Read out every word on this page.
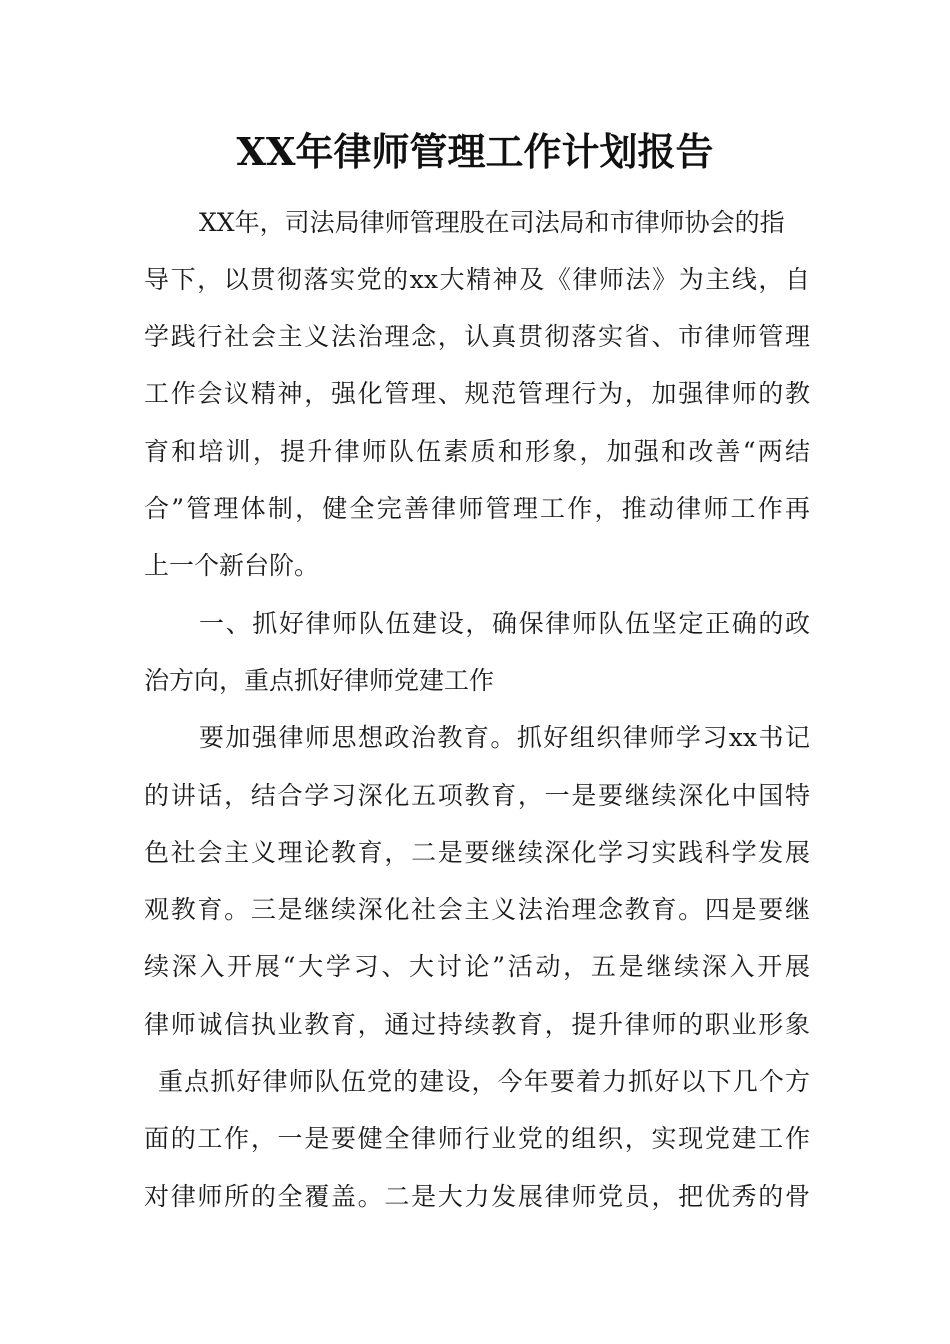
XX年律师管理工作计划报告

XX年，司法局律师管理股在司法局和市律师协会的指

导下，以贯彻落实党的xx大精神及《律师法》为主线，自

学践行社会主义法治理念，认真贯彻落实省、市律师管理

工作会议精神，强化管理、规范管理行为，加强律师的教

育和培训，提升律师队伍素质和形象，加强和改善“两结

合”管理体制，健全完善律师管理工作，推动律师工作再

上一个新台阶。

一、抓好律师队伍建设，确保律师队伍坚定正确的政

治方向，重点抓好律师党建工作

要加强律师思想政治教育。抓好组织律师学习xx书记

的讲话，结合学习深化五项教育，一是要继续深化中国特

色社会主义理论教育，二是要继续深化学习实践科学发展

观教育。三是继续深化社会主义法治理念教育。四是要继

续深入开展“大学习、大讨论”活动，五是继续深入开展

律师诚信执业教育，通过持续教育，提升律师的职业形象

重点抓好律师队伍党的建设，今年要着力抓好以下几个方

面的工作，一是要健全律师行业党的组织，实现党建工作

对律师所的全覆盖。二是大力发展律师党员，把优秀的骨
